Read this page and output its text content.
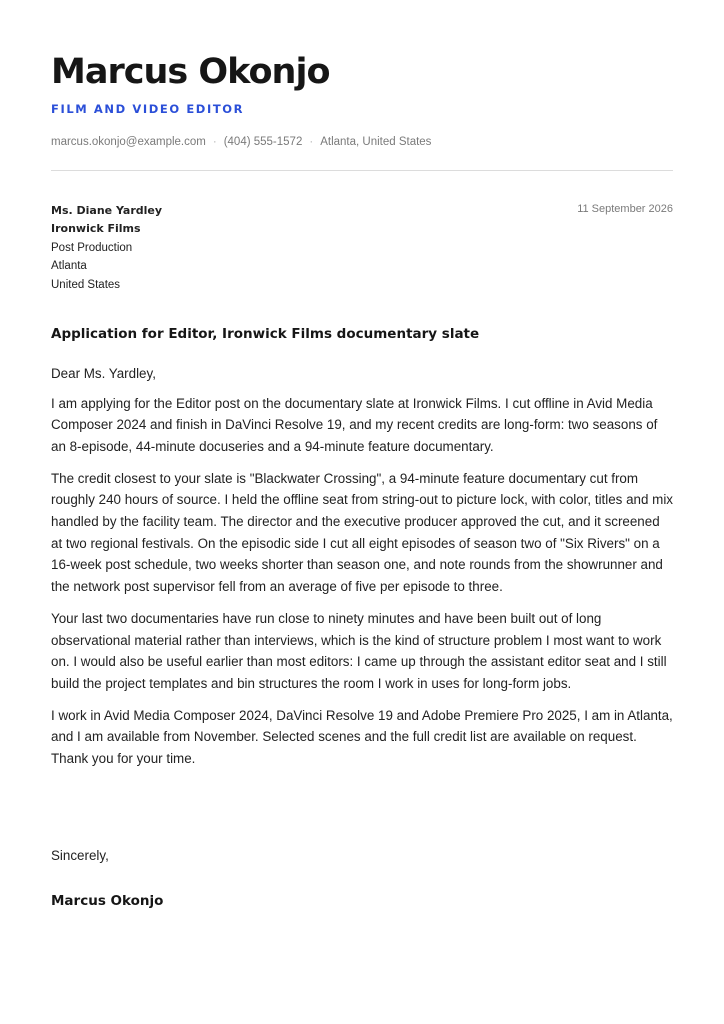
Marcus Okonjo
FILM AND VIDEO EDITOR
marcus.okonjo@example.com · (404) 555-1572 · Atlanta, United States
Ms. Diane Yardley
Ironwick Films
Post Production
Atlanta
United States
11 September 2026
Application for Editor, Ironwick Films documentary slate

Dear Ms. Yardley,

I am applying for the Editor post on the documentary slate at Ironwick Films. I cut offline in Avid Media Composer 2024 and finish in DaVinci Resolve 19, and my recent credits are long-form: two seasons of an 8-episode, 44-minute docuseries and a 94-minute feature documentary.

The credit closest to your slate is "Blackwater Crossing", a 94-minute feature documentary cut from roughly 240 hours of source. I held the offline seat from string-out to picture lock, with color, titles and mix handled by the facility team. The director and the executive producer approved the cut, and it screened at two regional festivals. On the episodic side I cut all eight episodes of season two of "Six Rivers" on a 16-week post schedule, two weeks shorter than season one, and note rounds from the showrunner and the network post supervisor fell from an average of five per episode to three.

Your last two documentaries have run close to ninety minutes and have been built out of long observational material rather than interviews, which is the kind of structure problem I most want to work on. I would also be useful earlier than most editors: I came up through the assistant editor seat and I still build the project templates and bin structures the room I work in uses for long-form jobs.

I work in Avid Media Composer 2024, DaVinci Resolve 19 and Adobe Premiere Pro 2025, I am in Atlanta, and I am available from November. Selected scenes and the full credit list are available on request. Thank you for your time.

Sincerely,
Marcus Okonjo
